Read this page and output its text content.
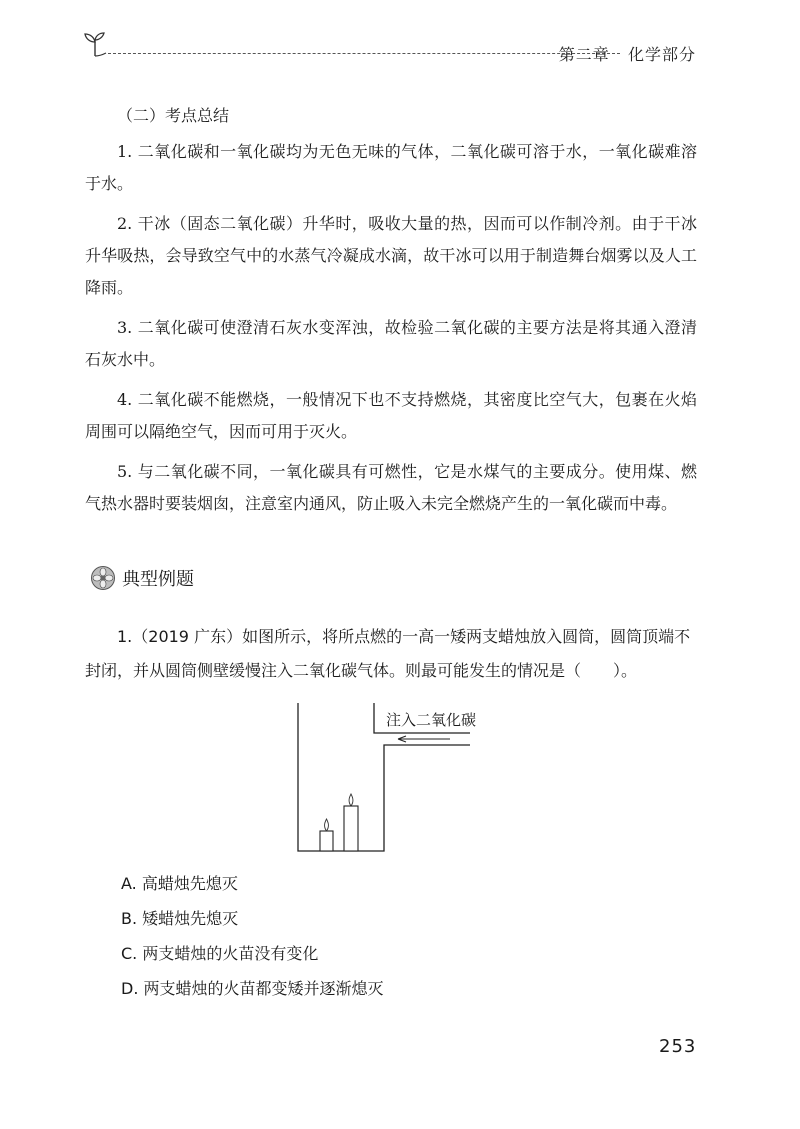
第二章 化学部分

（二）考点总结

1. 二氧化碳和一氧化碳均为无色无味的气体，二氧化碳可溶于水，一氧化碳难溶于水。

2. 干冰（固态二氧化碳）升华时，吸收大量的热，因而可以作制冷剂。由于干冰升华吸热，会导致空气中的水蒸气冷凝成水滴，故干冰可以用于制造舞台烟雾以及人工降雨。

3. 二氧化碳可使澄清石灰水变浑浊，故检验二氧化碳的主要方法是将其通入澄清石灰水中。

4. 二氧化碳不能燃烧，一般情况下也不支持燃烧，其密度比空气大，包裹在火焰周围可以隔绝空气，因而可用于灭火。

5. 与二氧化碳不同，一氧化碳具有可燃性，它是水煤气的主要成分。使用煤、燃气热水器时要装烟囱，注意室内通风，防止吸入未完全燃烧产生的一氧化碳而中毒。

典型例题

1.（2019 广东）如图所示，将所点燃的一高一矮两支蜡烛放入圆筒，圆筒顶端不封闭，并从圆筒侧壁缓慢注入二氧化碳气体。则最可能发生的情况是（　　）。

注入二氧化碳
A. 高蜡烛先熄灭
B. 矮蜡烛先熄灭
C. 两支蜡烛的火苗没有变化
D. 两支蜡烛的火苗都变矮并逐渐熄灭
253
